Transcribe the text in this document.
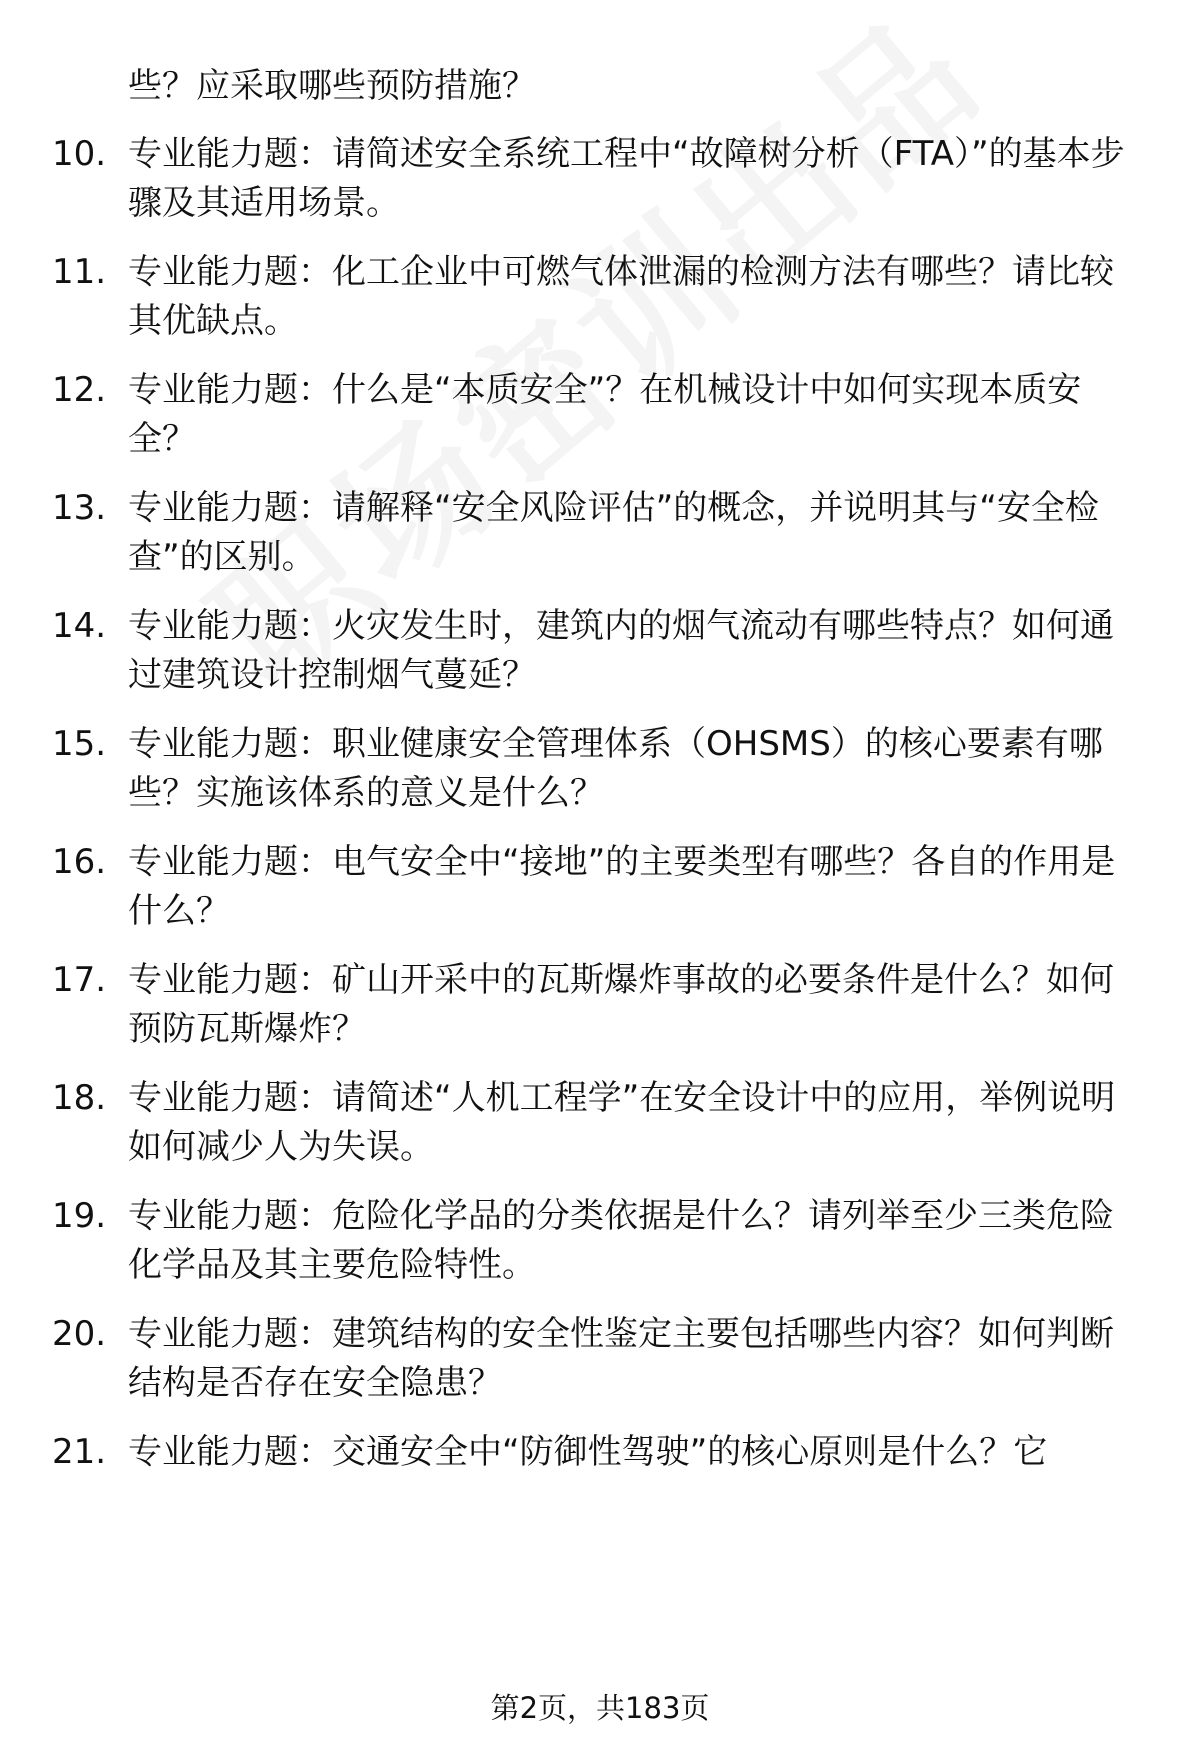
些？应采取哪些预防措施？
10. 专业能力题：请简述安全系统工程中“故障树分析（FTA）”的基本步骤及其适用场景。
11. 专业能力题：化工企业中可燃气体泄漏的检测方法有哪些？请比较其优缺点。
12. 专业能力题：什么是“本质安全”？在机械设计中如何实现本质安全？
13. 专业能力题：请解释“安全风险评估”的概念，并说明其与“安全检查”的区别。
14. 专业能力题：火灾发生时，建筑内的烟气流动有哪些特点？如何通过建筑设计控制烟气蔓延？
15. 专业能力题：职业健康安全管理体系（OHSMS）的核心要素有哪些？实施该体系的意义是什么？
16. 专业能力题：电气安全中“接地”的主要类型有哪些？各自的作用是什么？
17. 专业能力题：矿山开采中的瓦斯爆炸事故的必要条件是什么？如何预防瓦斯爆炸？
18. 专业能力题：请简述“人机工程学”在安全设计中的应用，举例说明如何减少人为失误。
19. 专业能力题：危险化学品的分类依据是什么？请列举至少三类危险化学品及其主要危险特性。
20. 专业能力题：建筑结构的安全性鉴定主要包括哪些内容？如何判断结构是否存在安全隐患？
21. 专业能力题：交通安全中“防御性驾驶”的核心原则是什么？它
第2页，共183页
